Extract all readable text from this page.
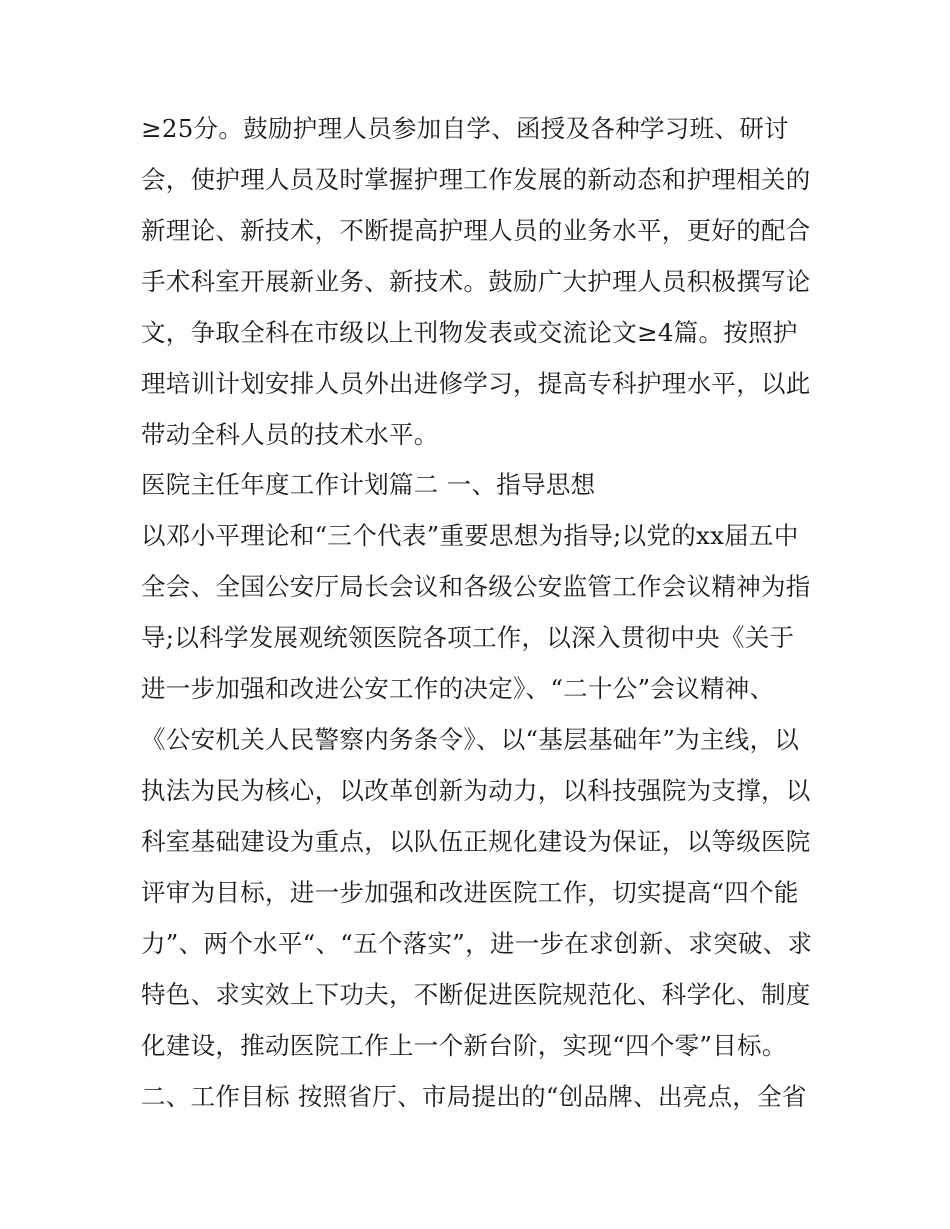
≥25分。鼓励护理人员参加自学、函授及各种学习班、研讨
会，使护理人员及时掌握护理工作发展的新动态和护理相关的
新理论、新技术，不断提高护理人员的业务水平，更好的配合
手术科室开展新业务、新技术。鼓励广大护理人员积极撰写论
文，争取全科在市级以上刊物发表或交流论文≥4篇。按照护
理培训计划安排人员外出进修学习，提高专科护理水平，以此
带动全科人员的技术水平。
医院主任年度工作计划篇二 一、指导思想
以邓小平理论和“三个代表”重要思想为指导;以党的xx届五中
全会、全国公安厅局长会议和各级公安监管工作会议精神为指
导;以科学发展观统领医院各项工作，以深入贯彻中央《关于
进一步加强和改进公安工作的决定》、“二十公”会议精神、
《公安机关人民警察内务条令》、以“基层基础年”为主线，以
执法为民为核心，以改革创新为动力，以科技强院为支撑，以
科室基础建设为重点，以队伍正规化建设为保证，以等级医院
评审为目标，进一步加强和改进医院工作，切实提高“四个能
力”、两个水平“、“五个落实”，进一步在求创新、求突破、求
特色、求实效上下功夫，不断促进医院规范化、科学化、制度
化建设，推动医院工作上一个新台阶，实现“四个零”目标。
二、工作目标 按照省厅、市局提出的“创品牌、出亮点，全省
